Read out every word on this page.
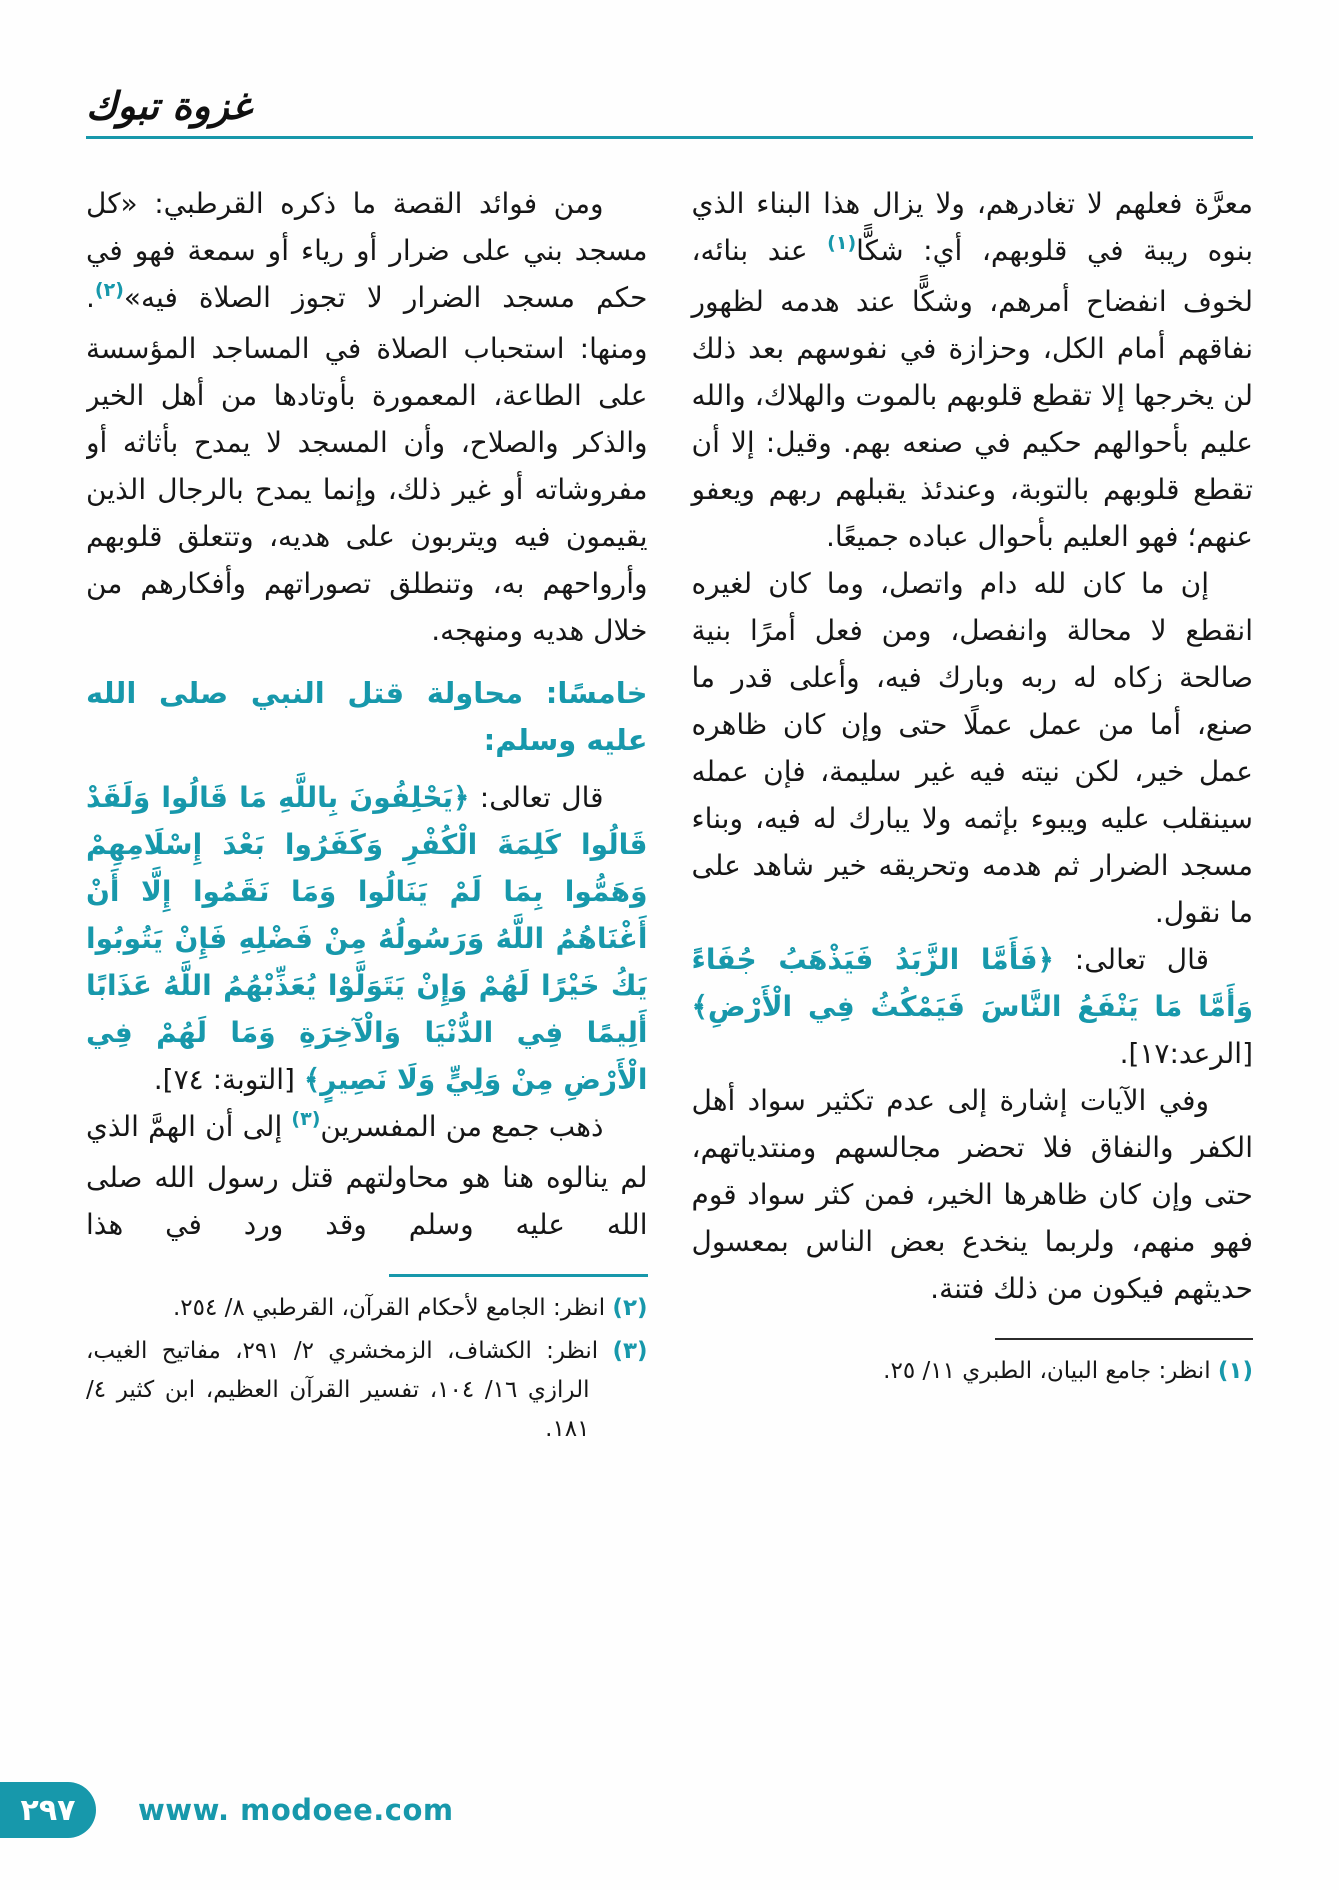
غزوة تبوك

معرَّة فعلهم لا تغادرهم، ولا يزال هذا البناء الذي بنوه ريبة في قلوبهم، أي: شكًّا$^{(١)}$ عند بنائه، لخوف انفضاح أمرهم، وشكًّا عند هدمه لظهور نفاقهم أمام الكل، وحزازة في نفوسهم بعد ذلك لن يخرجها إلا تقطع قلوبهم بالموت والهلاك، والله عليم بأحوالهم حكيم في صنعه بهم. وقيل: إلا أن تقطع قلوبهم بالتوبة، وعندئذ يقبلهم ربهم ويعفو عنهم؛ فهو العليم بأحوال عباده جميعًا.

إن ما كان لله دام واتصل، وما كان لغيره انقطع لا محالة وانفصل، ومن فعل أمرًا بنية صالحة زكاه له ربه وبارك فيه، وأعلى قدر ما صنع، أما من عمل عملًا حتى وإن كان ظاهره عمل خير، لكن نيته فيه غير سليمة، فإن عمله سينقلب عليه ويبوء بإثمه ولا يبارك له فيه، وبناء مسجد الضرار ثم هدمه وتحريقه خير شاهد على ما نقول.

قال تعالى: ﴿فَأَمَّا الزَّبَدُ فَيَذْهَبُ جُفَاءً وَأَمَّا مَا يَنْفَعُ النَّاسَ فَيَمْكُثُ فِي الْأَرْضِ﴾ [الرعد:١٧].

وفي الآيات إشارة إلى عدم تكثير سواد أهل الكفر والنفاق فلا تحضر مجالسهم ومنتدياتهم، حتى وإن كان ظاهرها الخير، فمن كثر سواد قوم فهو منهم، ولربما ينخدع بعض الناس بمعسول حديثهم فيكون من ذلك فتنة.

(١) انظر: جامع البيان، الطبري ١١/ ٢٥.

ومن فوائد القصة ما ذكره القرطبي: «كل مسجد بني على ضرار أو رياء أو سمعة فهو في حكم مسجد الضرار لا تجوز الصلاة فيه»$^{(٢)}$. ومنها: استحباب الصلاة في المساجد المؤسسة على الطاعة، المعمورة بأوتادها من أهل الخير والذكر والصلاح، وأن المسجد لا يمدح بأثاثه أو مفروشاته أو غير ذلك، وإنما يمدح بالرجال الذين يقيمون فيه ويتربون على هديه، وتتعلق قلوبهم وأرواحهم به، وتنطلق تصوراتهم وأفكارهم من خلال هديه ومنهجه.

خامسًا: محاولة قتل النبي صلى الله عليه وسلم:

قال تعالى: ﴿يَحْلِفُونَ بِاللَّهِ مَا قَالُوا وَلَقَدْ قَالُوا كَلِمَةَ الْكُفْرِ وَكَفَرُوا بَعْدَ إِسْلَامِهِمْ وَهَمُّوا بِمَا لَمْ يَنَالُوا وَمَا نَقَمُوا إِلَّا أَنْ أَغْنَاهُمُ اللَّهُ وَرَسُولُهُ مِنْ فَضْلِهِ فَإِنْ يَتُوبُوا يَكُ خَيْرًا لَهُمْ وَإِنْ يَتَوَلَّوْا يُعَذِّبْهُمُ اللَّهُ عَذَابًا أَلِيمًا فِي الدُّنْيَا وَالْآخِرَةِ وَمَا لَهُمْ فِي الْأَرْضِ مِنْ وَلِيٍّ وَلَا نَصِيرٍ﴾ [التوبة: ٧٤].

ذهب جمع من المفسرين$^{(٣)}$ إلى أن الهمَّ الذي لم ينالوه هنا هو محاولتهم قتل رسول الله صلى الله عليه وسلم وقد ورد في هذا

(٢) انظر: الجامع لأحكام القرآن، القرطبي ٨/ ٢٥٤.

(٣) انظر: الكشاف، الزمخشري ٢/ ٢٩١، مفاتيح الغيب، الرازي ١٦/ ١٠٤، تفسير القرآن العظيم، ابن كثير ٤/ ١٨١.

٢٩٧ www. modoee.com
